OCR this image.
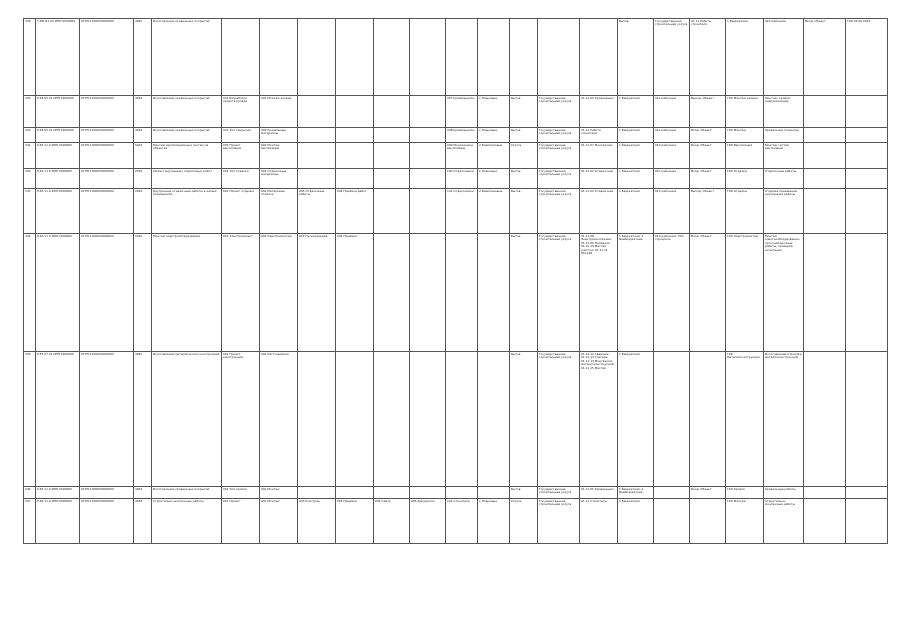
338	Г.85Н12.03 ИНН:0000000	ОГРН:1000000000000	4067	Изготовление кровельных покрытий												Бытов	Государственная строительная услуга	01.11 Работа строителя	1 Бюджетная	010 районное	Вход: Объект	ГКК 03.06.2018

339	Р.83.05.01 ИНН:0000000	ОГРН:1000000000000	4063	Изготовление кровельных покрытий	001 Разработка проекта кровли	002 Монтаж кровли					097 Кровельщики	1 Плановые	Бытов	Государственная строительная услуга	01.11.05 Кровельщик	1 Бюджетная	010 районное	Выход: Объект	ГКК Монтаж кровли	Монтаж, кровля, гидроизоляция		

340	Р.83.05.01 ИНН:0000000	ОГРН:1000000000000	4063	Изготовление кровельных покрытий	001 Тип покрытия	002 Кровельные материалы					098 Кровельщики	1 Плановые	Бытов	Государственная строительная услуга	01.11 Работа строителя	1 Бюджетная	010 районное	Вход: Объект	ГКК Монтаж	Кровельное покрытие		

341	Р.83.11.0 ИНН:0000000	ОГРН:1000000000000	5022	Монтаж вентиляционных систем на объектах	001 Проект вентиляции	002 Монтаж вентиляции					099 Монтажники вентиляции	2 Внеплановые	Услуга	Государственная строительная услуга	01.11.07 Монтажник	1 Бюджетная	010 районное	Вход: Объект	ГКК Вентиляция	Монтаж систем вентиляции		

342	Р.83.11.0 ИНН:0000000	ОГРН:1000000000000	2036	Ремонт внутренних отделочных работ	001 Тип отделки	002 Отделочные материалы					100 Отделочники	1 Плановые	Бытов	Государственная строительная услуга	01.11.02 Отделочник	1 Бюджетная	010 районное	Вход: Объект	ГКК Отделка	Отделочные работы		

343	Р.83.11.0 ИНН:0000000	ОГРН:1000000000000	2040	Внутренние отделочные работы в жилых помещениях	001 Проект отделки	002 Материалы отделки	003 Отделочные работы	004 Приёмка работ			101 Отделочники	2 Внеплановые	Бытов	Государственная строительная услуга	01.11.02 Отделочник	1 Бюджетная	010 районное	Выход: Объект	ГКК Отделка	Отделка помещений, внутренние работы		

344	Р.83.11.0 ИНН:0000000	ОГРН:1000000000000	5050	Монтаж электрооборудования	001 Электропроект	002 Электромонтаж	003 Пусконаладка	004 Приёмка					Бытов	Государственная строительная услуга	01.11.08 Электромонтажник; 01.11.09 Наладчик; 01.11.10 Мастер участка; 01.11.11 Прораб	1 Бюджетная; 2 Внебюджетная	010 районное; 020 городское	Вход: Объект	ГКК Электромонтаж	Монтаж электрооборудования; пусконаладочные работы; проверка; испытания		

345	Р.83.07.01 ИНН:0000000	ОГРН:1000000000000	4081	Изготовление металлических конструкций	001 Проект конструкций	002 Изготовление							Бытов	Государственная строительная услуга	01.11.12 Сварщик; 01.11.13 Слесарь; 01.11.14 Монтажник металлоконструкций; 01.11.15 Мастер	1 Бюджетная			ГКК Металлоконструкции	Изготовление и монтаж металлоконструкций		

346	Р.83.11.0 ИНН:0000000	ОГРН:1000000000000	4063	Изготовление кровельных покрытий	001 Тип кровли	002 Монтаж							Бытов	Государственная строительная услуга	01.11.05 Кровельщик	1 Бюджетная; 2 Внебюджетная		Вход: Объект	ГКК Кровля	Кровельные работы		

347	Р.83.11.0 ИНН:0000000	ОГРН:1000000000000	4083	Строительно-монтажные работы	001 Проект	002 Монтаж	003 Контроль	004 Приёмка	005 Сдача	006 Документы	101 Строители	1 Плановые	Услуга	Государственная строительная услуга	01.11 Строитель	1 Бюджетная			ГКК Монтаж	Строительно-монтажные работы		
